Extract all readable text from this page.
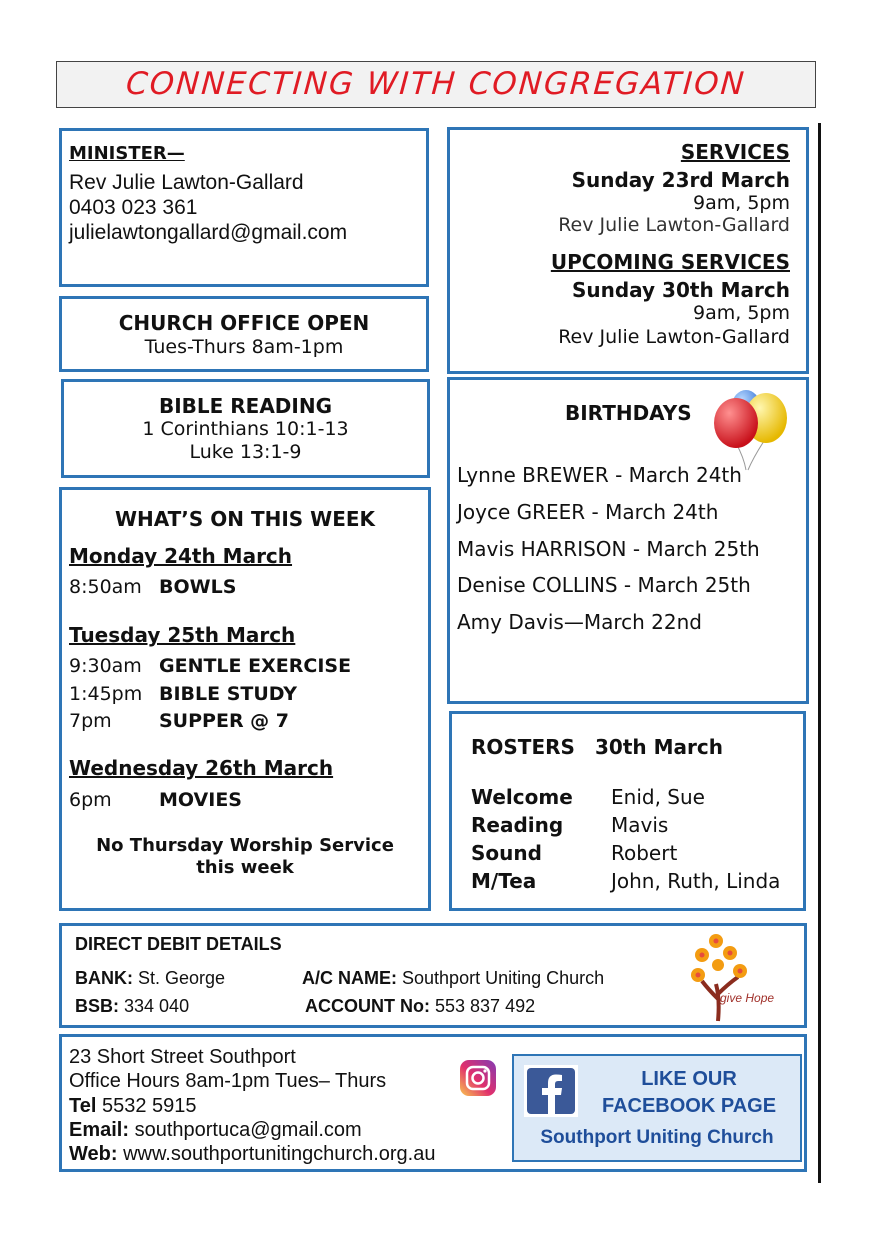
CONNECTING WITH CONGREGATION
MINISTER—
Rev Julie Lawton-Gallard
0403 023 361
julielawtongallard@gmail.com
CHURCH OFFICE OPEN
Tues-Thurs 8am-1pm
BIBLE READING
1 Corinthians 10:1-13
Luke 13:1-9
WHAT’S ON THIS WEEK
Monday 24th March
8:50am BOWLS
Tuesday 25th March
9:30am GENTLE EXERCISE
1:45pm BIBLE STUDY
7pm SUPPER @ 7
Wednesday 26th March
6pm MOVIES
No Thursday Worship Service
this week
SERVICES
Sunday 23rd March
9am, 5pm
Rev Julie Lawton-Gallard
UPCOMING SERVICES
Sunday 30th March
9am, 5pm
Rev Julie Lawton-Gallard
BIRTHDAYS
Lynne BREWER - March 24th
Joyce GREER - March 24th
Mavis HARRISON - March 25th
Denise COLLINS - March 25th
Amy Davis—March 22nd
ROSTERS 30th March
Welcome Enid, Sue
Reading Mavis
Sound	Robert
M/Tea	John, Ruth, Linda
DIRECT DEBIT DETAILS
BANK: St. George
BSB: 334 040
A/C NAME: Southport Uniting Church
ACCOUNT No: 553 837 492	give Hope
23 Short Street Southport
Office Hours 8am-1pm Tues– Thurs
Tel 5532 5915
Email: southportuca@gmail.com
Web: www.southportunitingchurch.org.au
LIKE OUR
FACEBOOK PAGE
Southport Uniting Church
